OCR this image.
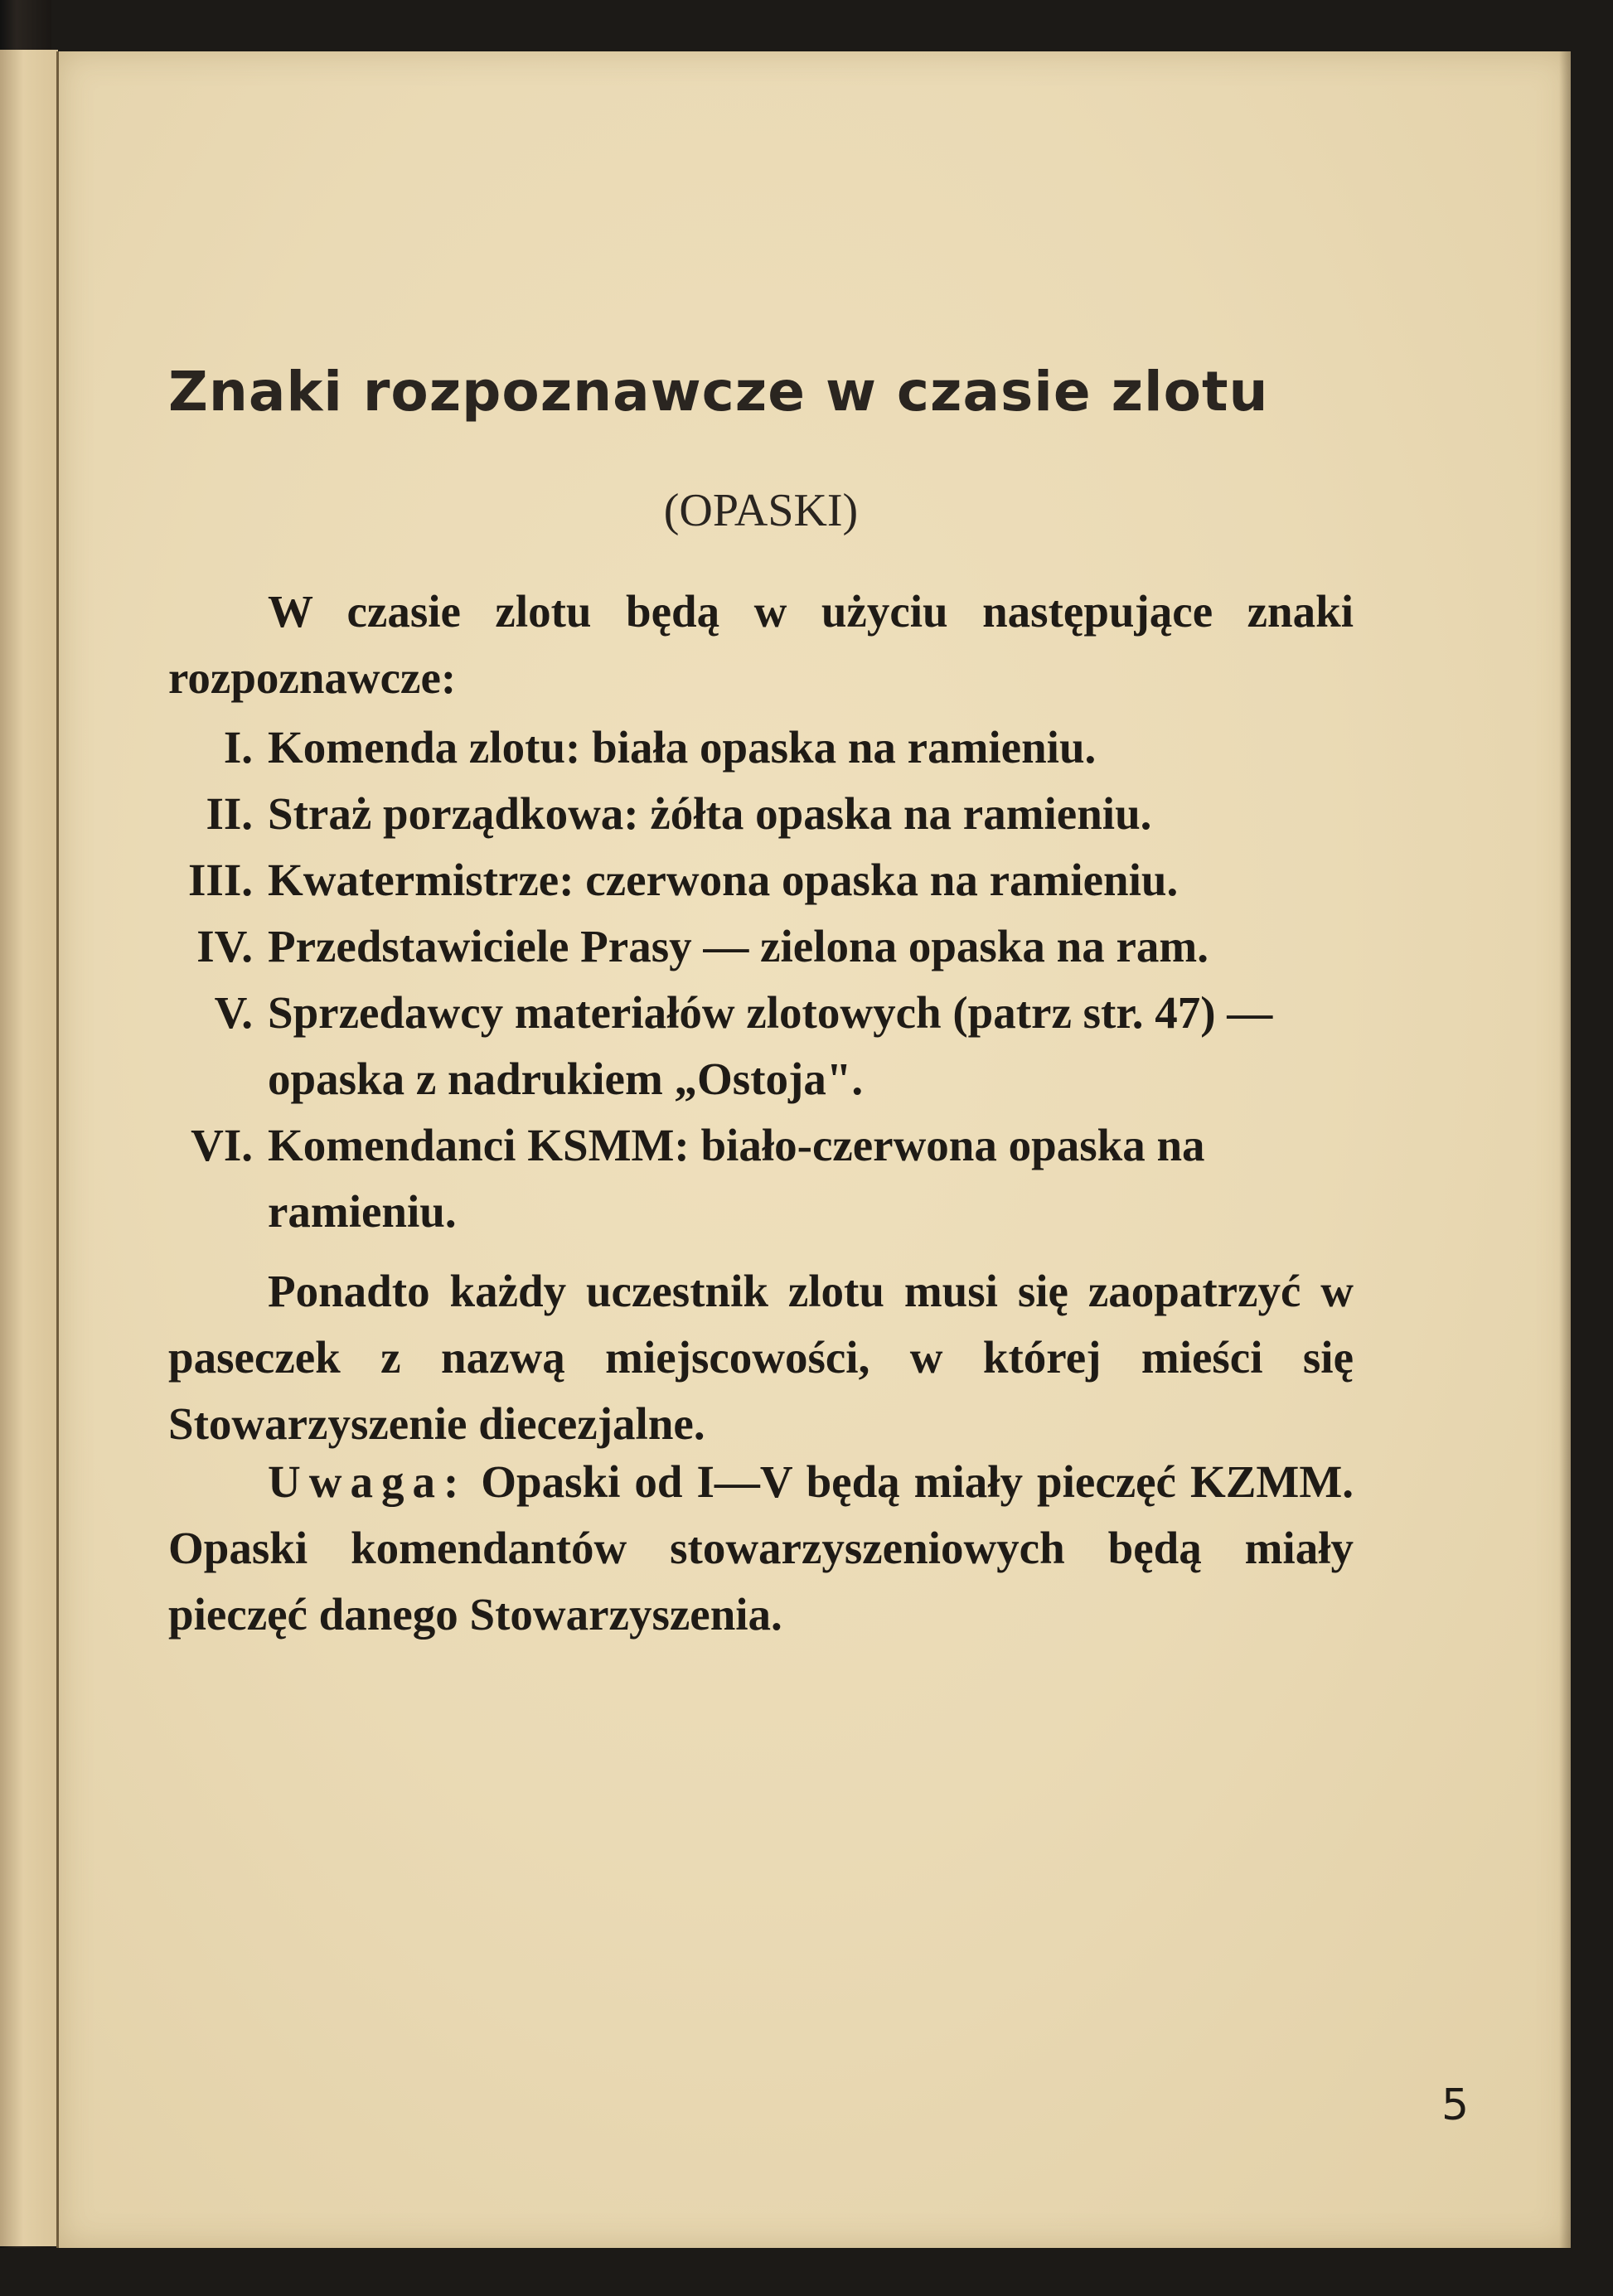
Znaki rozpoznawcze w czasie zlotu
(OPASKI)

W czasie zlotu będą w użyciu następujące znaki rozpoznawcze:

I. Komenda zlotu: biała opaska na ramieniu.
II. Straż porządkowa: żółta opaska na ramieniu.
III. Kwatermistrze: czerwona opaska na ramieniu.
IV. Przedstawiciele Prasy — zielona opaska na ram.
V. Sprzedawcy materiałów zlotowych (patrz str. 47) — opaska z nadrukiem „Ostoja".
VI. Komendanci KSMM: biało-czerwona opaska na ramieniu.

Ponadto każdy uczestnik zlotu musi się zaopatrzyć w paseczek z nazwą miejscowości, w której mieści się Stowarzyszenie diecezjalne.

Uwaga: Opaski od I—V będą miały pieczęć KZMM. Opaski komendantów stowarzyszeniowych będą miały pieczęć danego Stowarzyszenia.

5
